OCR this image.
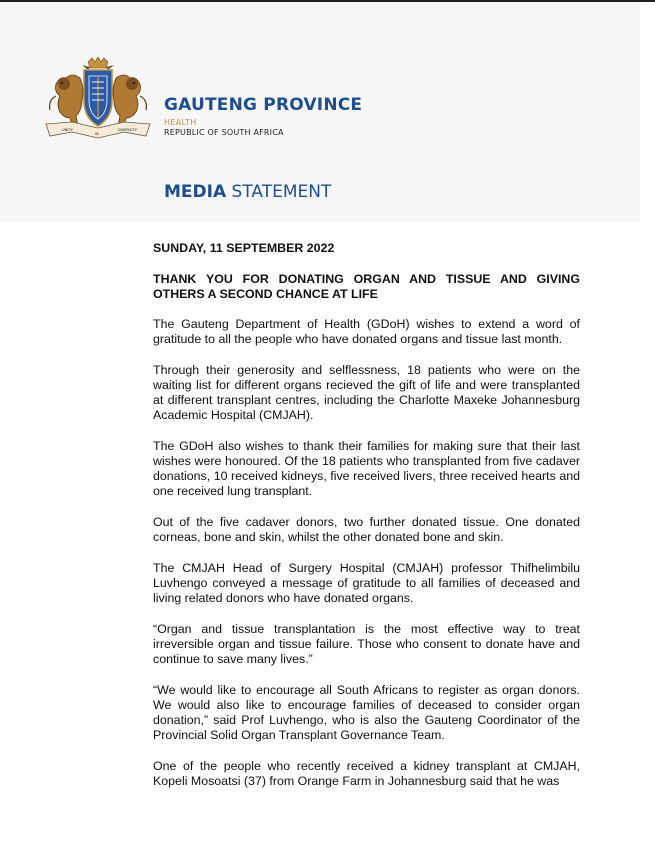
UNITY
IN
DIVERSITY
GAUTENG PROVINCE
HEALTH
REPUBLIC OF SOUTH AFRICA
MEDIA STATEMENT
SUNDAY, 11 SEPTEMBER 2022
THANK YOU FOR DONATING ORGAN AND TISSUE AND GIVING OTHERS A SECOND CHANCE AT LIFE

The Gauteng Department of Health (GDoH) wishes to extend a word of gratitude to all the people who have donated organs and tissue last month.

Through their generosity and selflessness, 18 patients who were on the waiting list for different organs recieved the gift of life and were transplanted at different transplant centres, including the Charlotte Maxeke Johannesburg Academic Hospital (CMJAH).

The GDoH also wishes to thank their families for making sure that their last wishes were honoured. Of the 18 patients who transplanted from five cadaver donations, 10 received kidneys, five received livers, three received hearts and one received lung transplant.

Out of the five cadaver donors, two further donated tissue. One donated corneas, bone and skin, whilst the other donated bone and skin.

The CMJAH Head of Surgery Hospital (CMJAH) professor Thifhelimbilu Luvhengo conveyed a message of gratitude to all families of deceased and living related donors who have donated organs.

“Organ and tissue transplantation is the most effective way to treat irreversible organ and tissue failure. Those who consent to donate have and continue to save many lives.”

“We would like to encourage all South Africans to register as organ donors. We would also like to encourage families of deceased to consider organ donation,” said Prof Luvhengo, who is also the Gauteng Coordinator of the Provincial Solid Organ Transplant Governance Team.

One of the people who recently received a kidney transplant at CMJAH, Kopeli Mosoatsi (37) from Orange Farm in Johannesburg said that he was
